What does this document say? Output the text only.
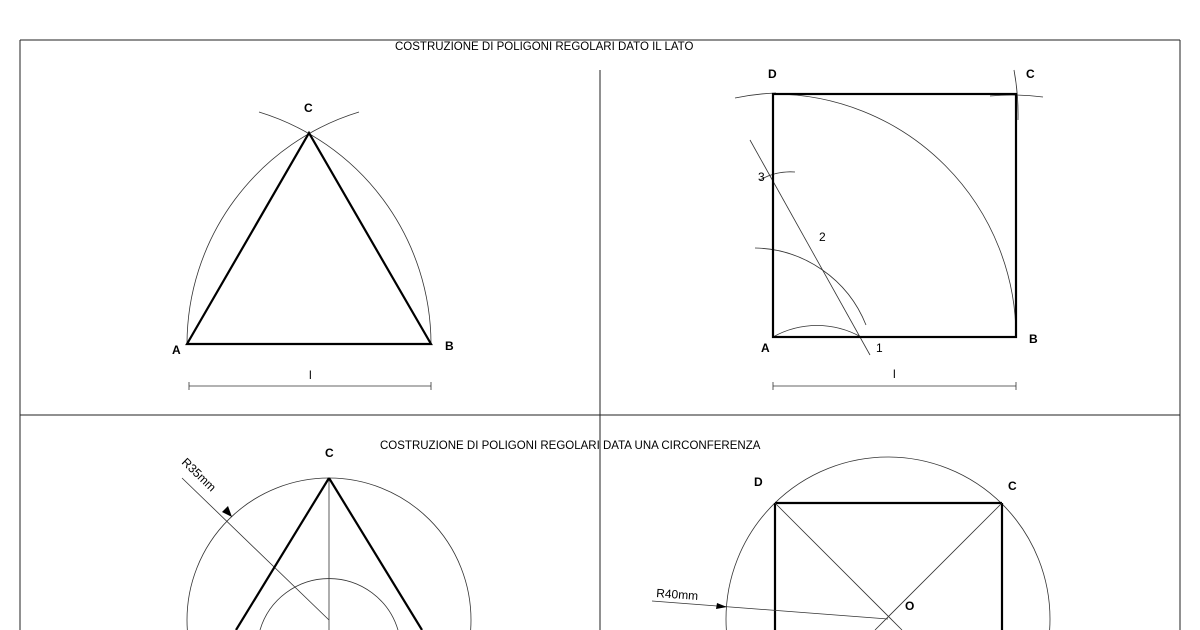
COSTRUZIONE DI POLIGONI REGOLARI DATO IL LATO
COSTRUZIONE DI POLIGONI REGOLARI DATA UNA CIRCONFERENZA
A	B
C
l
A
B
C
D
1
2
3
l
C
R35mm	C
D
O
R40mm
